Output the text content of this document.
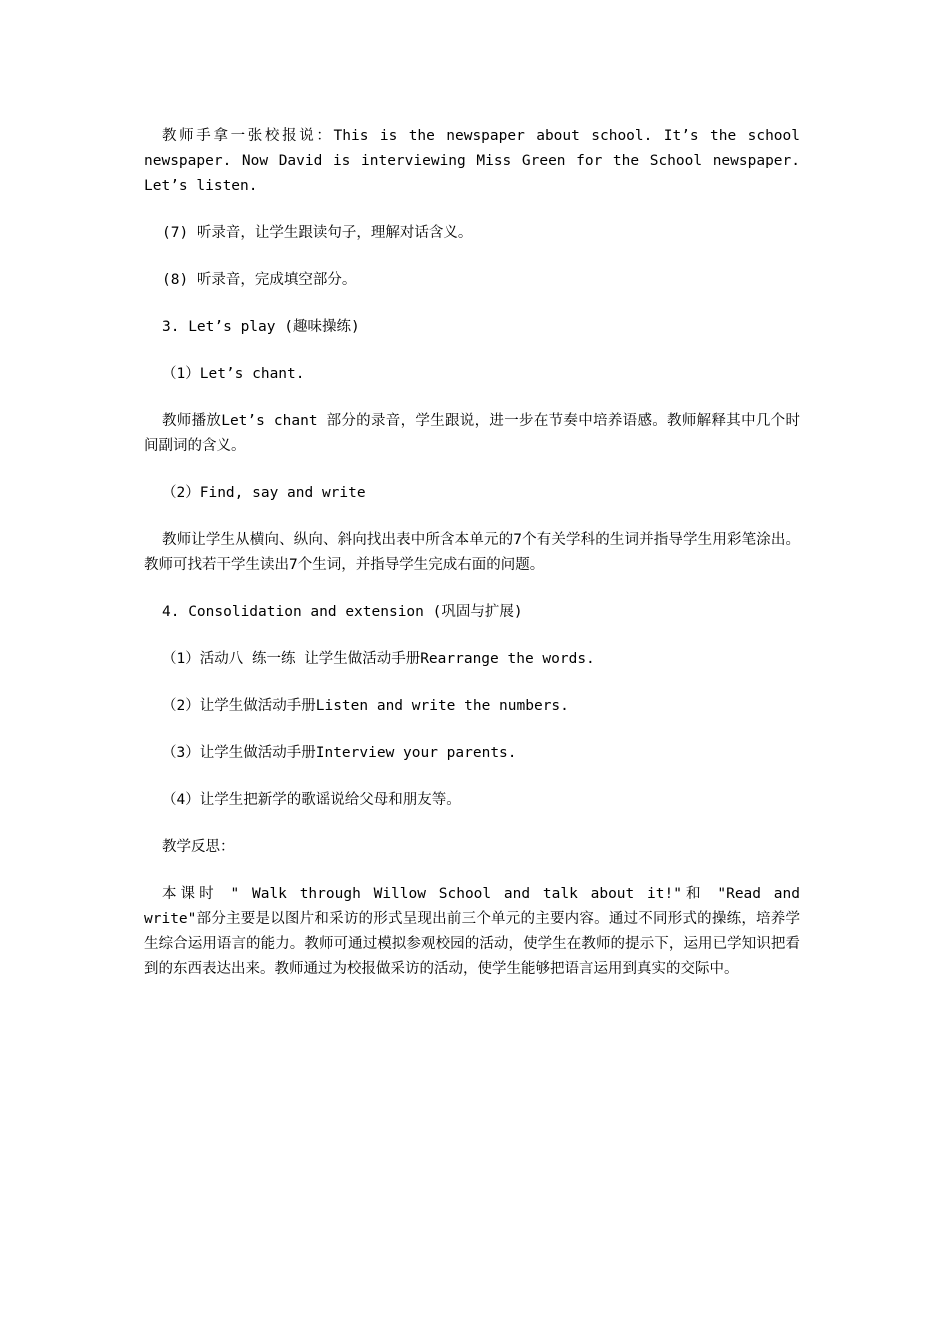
教师手拿一张校报说：This is the newspaper about school. It’s the school newspaper. Now David is interviewing Miss Green for the School newspaper. Let’s listen.

(7) 听录音，让学生跟读句子，理解对话含义。

(8) 听录音，完成填空部分。

3. Let’s play (趣味操练)

（1）Let’s chant.

教师播放Let’s chant 部分的录音，学生跟说，进一步在节奏中培养语感。教师解释其中几个时间副词的含义。

（2）Find, say and write

教师让学生从横向、纵向、斜向找出表中所含本单元的7个有关学科的生词并指导学生用彩笔涂出。教师可找若干学生读出7个生词，并指导学生完成右面的问题。

4. Consolidation and extension (巩固与扩展)

（1）活动八 练一练 让学生做活动手册Rearrange the words.

（2）让学生做活动手册Listen and write the numbers.

（3）让学生做活动手册Interview your parents.

（4）让学生把新学的歌谣说给父母和朋友等。

教学反思：

本课时 " Walk through Willow School and talk about it!"和 "Read and write"部分主要是以图片和采访的形式呈现出前三个单元的主要内容。通过不同形式的操练，培养学生综合运用语言的能力。教师可通过模拟参观校园的活动，使学生在教师的提示下，运用已学知识把看到的东西表达出来。教师通过为校报做采访的活动，使学生能够把语言运用到真实的交际中。
